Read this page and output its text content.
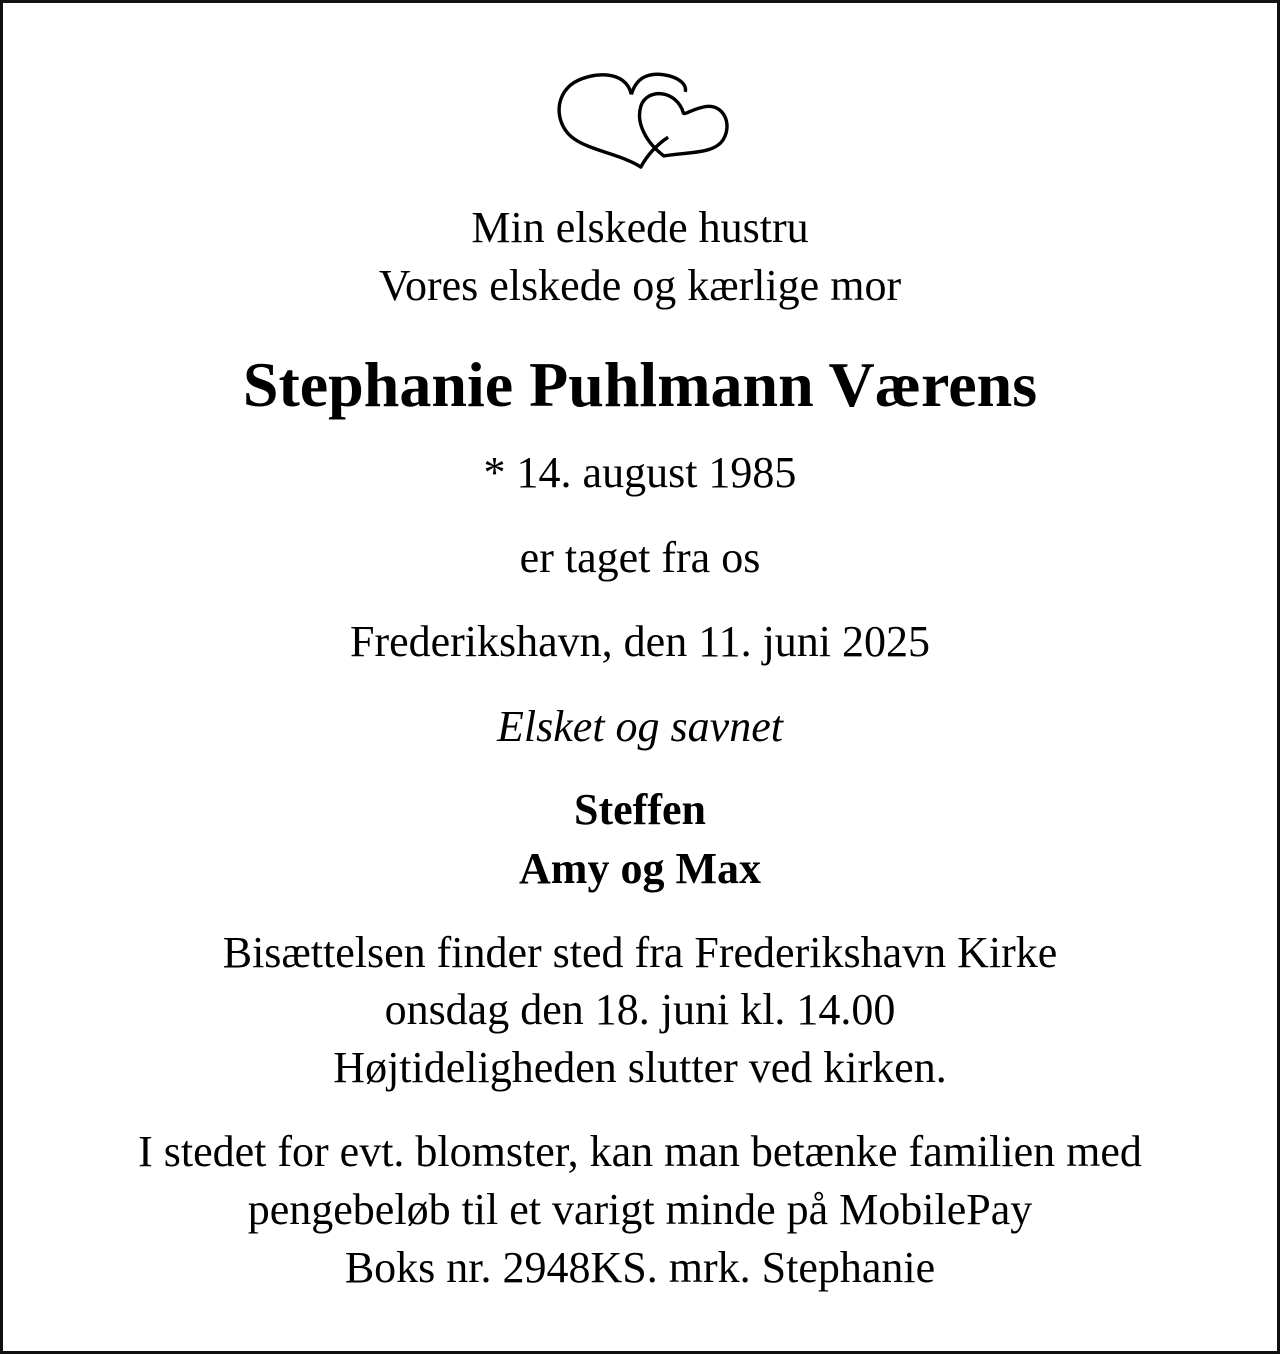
Min elskede hustru
Vores elskede og kærlige mor
Stephanie Puhlmann Værens
* 14. august 1985
er taget fra os
Frederikshavn, den 11. juni 2025
Elsket og savnet
Steffen
Amy og Max
Bisættelsen finder sted fra Frederikshavn Kirke
onsdag den 18. juni kl. 14.00
Højtideligheden slutter ved kirken.
I stedet for evt. blomster, kan man betænke familien med
pengebeløb til et varigt minde på MobilePay
Boks nr. 2948KS. mrk. Stephanie
